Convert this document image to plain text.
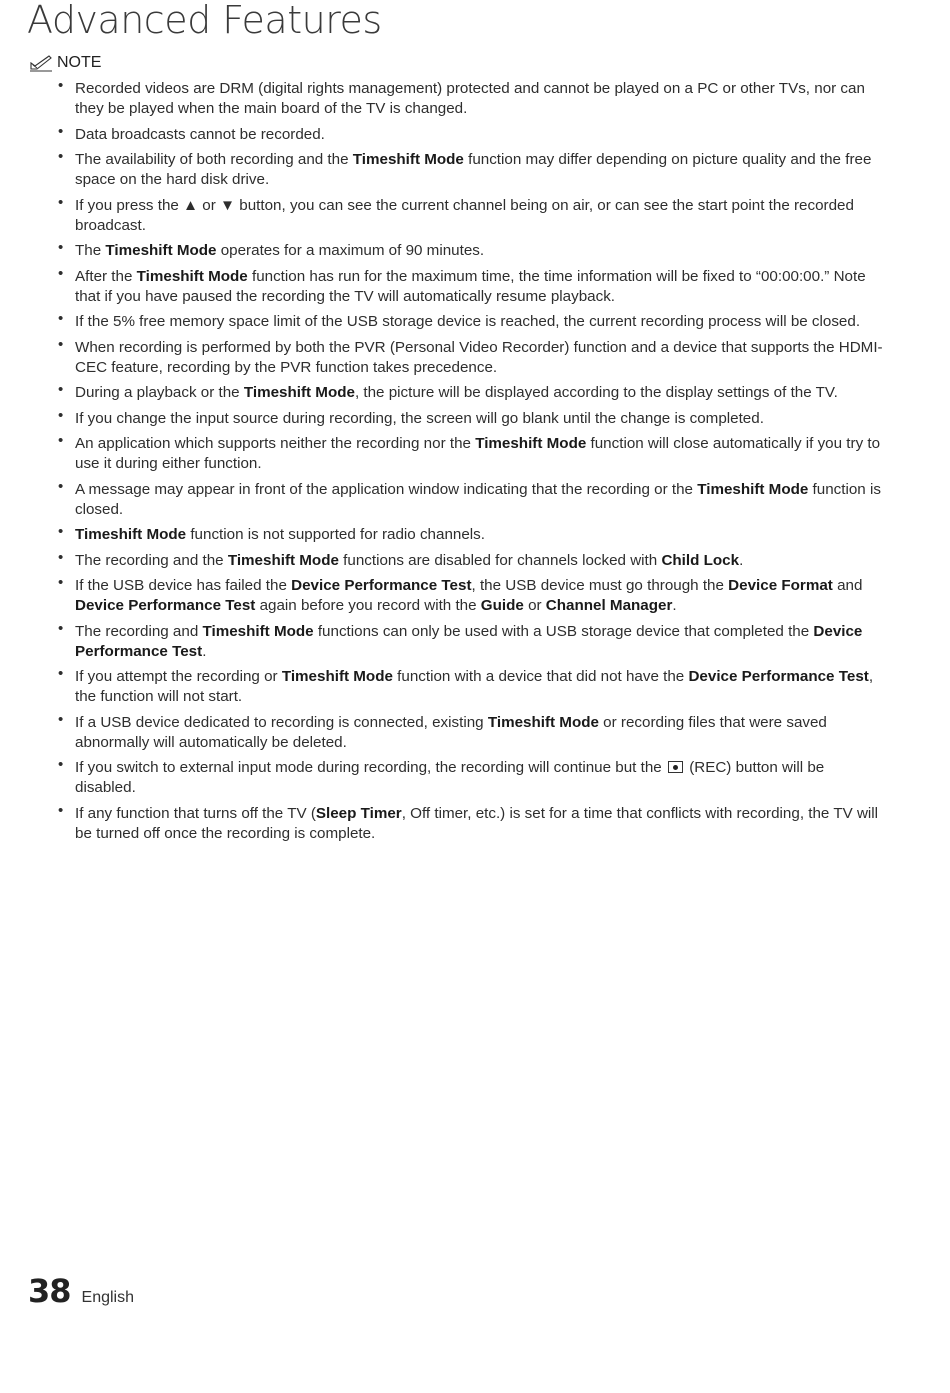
Advanced Features
NOTE
• Recorded videos are DRM (digital rights management) protected and cannot be played on a PC or other TVs, nor can they be played when the main board of the TV is changed.
• Data broadcasts cannot be recorded.
• The availability of both recording and the Timeshift Mode function may differ depending on picture quality and the free space on the hard disk drive.
• If you press the ▲ or ▼ button, you can see the current channel being on air, or can see the start point the recorded broadcast.
• The Timeshift Mode operates for a maximum of 90 minutes.
• After the Timeshift Mode function has run for the maximum time, the time information will be fixed to “00:00:00.” Note that if you have paused the recording the TV will automatically resume playback.
• If the 5% free memory space limit of the USB storage device is reached, the current recording process will be closed.
• When recording is performed by both the PVR (Personal Video Recorder) function and a device that supports the HDMI-CEC feature, recording by the PVR function takes precedence.
• During a playback or the Timeshift Mode, the picture will be displayed according to the display settings of the TV.
• If you change the input source during recording, the screen will go blank until the change is completed.
• An application which supports neither the recording nor the Timeshift Mode function will close automatically if you try to use it during either function.
• A message may appear in front of the application window indicating that the recording or the Timeshift Mode function is closed.
• Timeshift Mode function is not supported for radio channels.
• The recording and the Timeshift Mode functions are disabled for channels locked with Child Lock.
• If the USB device has failed the Device Performance Test, the USB device must go through the Device Format and Device Performance Test again before you record with the Guide or Channel Manager.
• The recording and Timeshift Mode functions can only be used with a USB storage device that completed the Device Performance Test.
• If you attempt the recording or Timeshift Mode function with a device that did not have the Device Performance Test, the function will not start.
• If a USB device dedicated to recording is connected, existing Timeshift Mode or recording files that were saved abnormally will automatically be deleted.
• If you switch to external input mode during recording, the recording will continue but the  (REC) button will be disabled.
• If any function that turns off the TV (Sleep Timer, Off timer, etc.) is set for a time that conflicts with recording, the TV will be turned off once the recording is complete.
38 English
